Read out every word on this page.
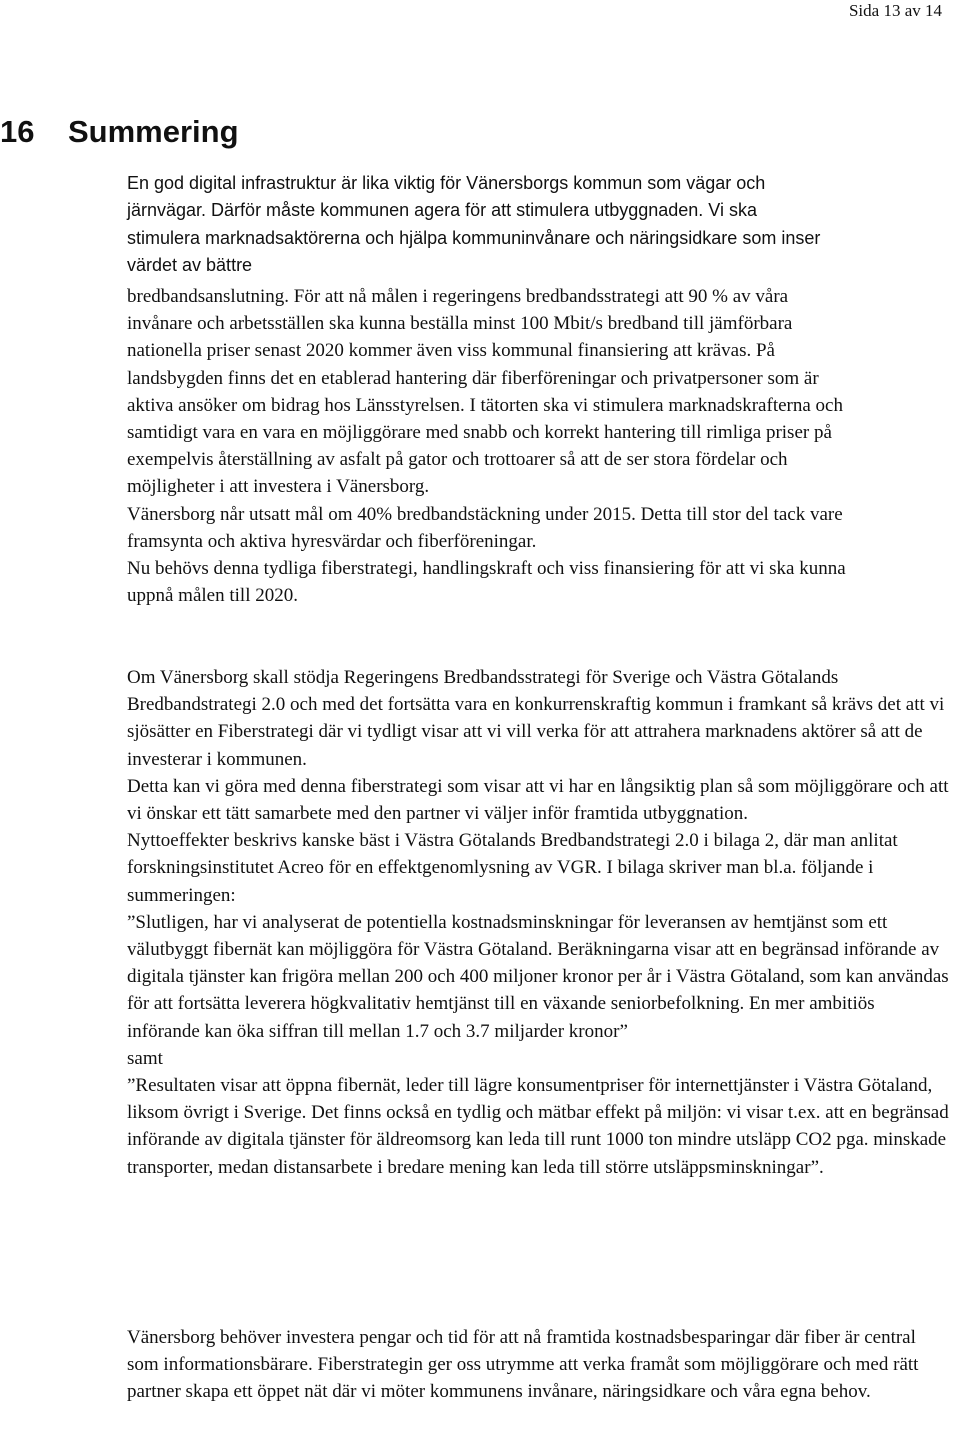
Sida 13 av 14
16 Summering

En god digital infrastruktur är lika viktig för Vänersborgs kommun som vägar och järnvägar. Därför måste kommunen agera för att stimulera utbyggnaden. Vi ska stimulera marknadsaktörerna och hjälpa kommuninvånare och näringsidkare som inser värdet av bättre

bredbandsanslutning. För att nå målen i regeringens bredbandsstrategi att 90 % av våra invånare och arbetsställen ska kunna beställa minst 100 Mbit/s bredband till jämförbara nationella priser senast 2020 kommer även viss kommunal finansiering att krävas. På landsbygden finns det en etablerad hantering där fiberföreningar och privatpersoner som är aktiva ansöker om bidrag hos Länsstyrelsen. I tätorten ska vi stimulera marknadskrafterna och samtidigt vara en vara en möjliggörare med snabb och korrekt hantering till rimliga priser på exempelvis återställning av asfalt på gator och trottoarer så att de ser stora fördelar och möjligheter i att investera i Vänersborg.

Vänersborg når utsatt mål om 40% bredbandstäckning under 2015. Detta till stor del tack vare framsynta och aktiva hyresvärdar och fiberföreningar.

Nu behövs denna tydliga fiberstrategi, handlingskraft och viss finansiering för att vi ska kunna uppnå målen till 2020.

Om Vänersborg skall stödja Regeringens Bredbandsstrategi för Sverige och Västra Götalands Bredbandstrategi 2.0 och med det fortsätta vara en konkurrenskraftig kommun i framkant så krävs det att vi sjösätter en Fiberstrategi där vi tydligt visar att vi vill verka för att attrahera marknadens aktörer så att de investerar i kommunen.

Detta kan vi göra med denna fiberstrategi som visar att vi har en långsiktig plan så som möjliggörare och att vi önskar ett tätt samarbete med den partner vi väljer inför framtida utbyggnation.

Nyttoeffekter beskrivs kanske bäst i Västra Götalands Bredbandstrategi 2.0 i bilaga 2, där man anlitat forskningsinstitutet Acreo för en effektgenomlysning av VGR. I bilaga skriver man bl.a. följande i summeringen:

”Slutligen, har vi analyserat de potentiella kostnadsminskningar för leveransen av hemtjänst som ett välutbyggt fibernät kan möjliggöra för Västra Götaland. Beräkningarna visar att en begränsad införande av digitala tjänster kan frigöra mellan 200 och 400 miljoner kronor per år i Västra Götaland, som kan användas för att fortsätta leverera högkvalitativ hemtjänst till en växande seniorbefolkning. En mer ambitiös införande kan öka siffran till mellan 1.7 och 3.7 miljarder kronor”

samt

”Resultaten visar att öppna fibernät, leder till lägre konsumentpriser för internettjänster i Västra Götaland, liksom övrigt i Sverige. Det finns också en tydlig och mätbar effekt på miljön: vi visar t.ex. att en begränsad införande av digitala tjänster för äldreomsorg kan leda till runt 1000 ton mindre utsläpp CO2 pga. minskade transporter, medan distansarbete i bredare mening kan leda till större utsläppsminskningar”.

Vänersborg behöver investera pengar och tid för att nå framtida kostnadsbesparingar där fiber är central som informationsbärare. Fiberstrategin ger oss utrymme att verka framåt som möjliggörare och med rätt partner skapa ett öppet nät där vi möter kommunens invånare, näringsidkare och våra egna behov.
